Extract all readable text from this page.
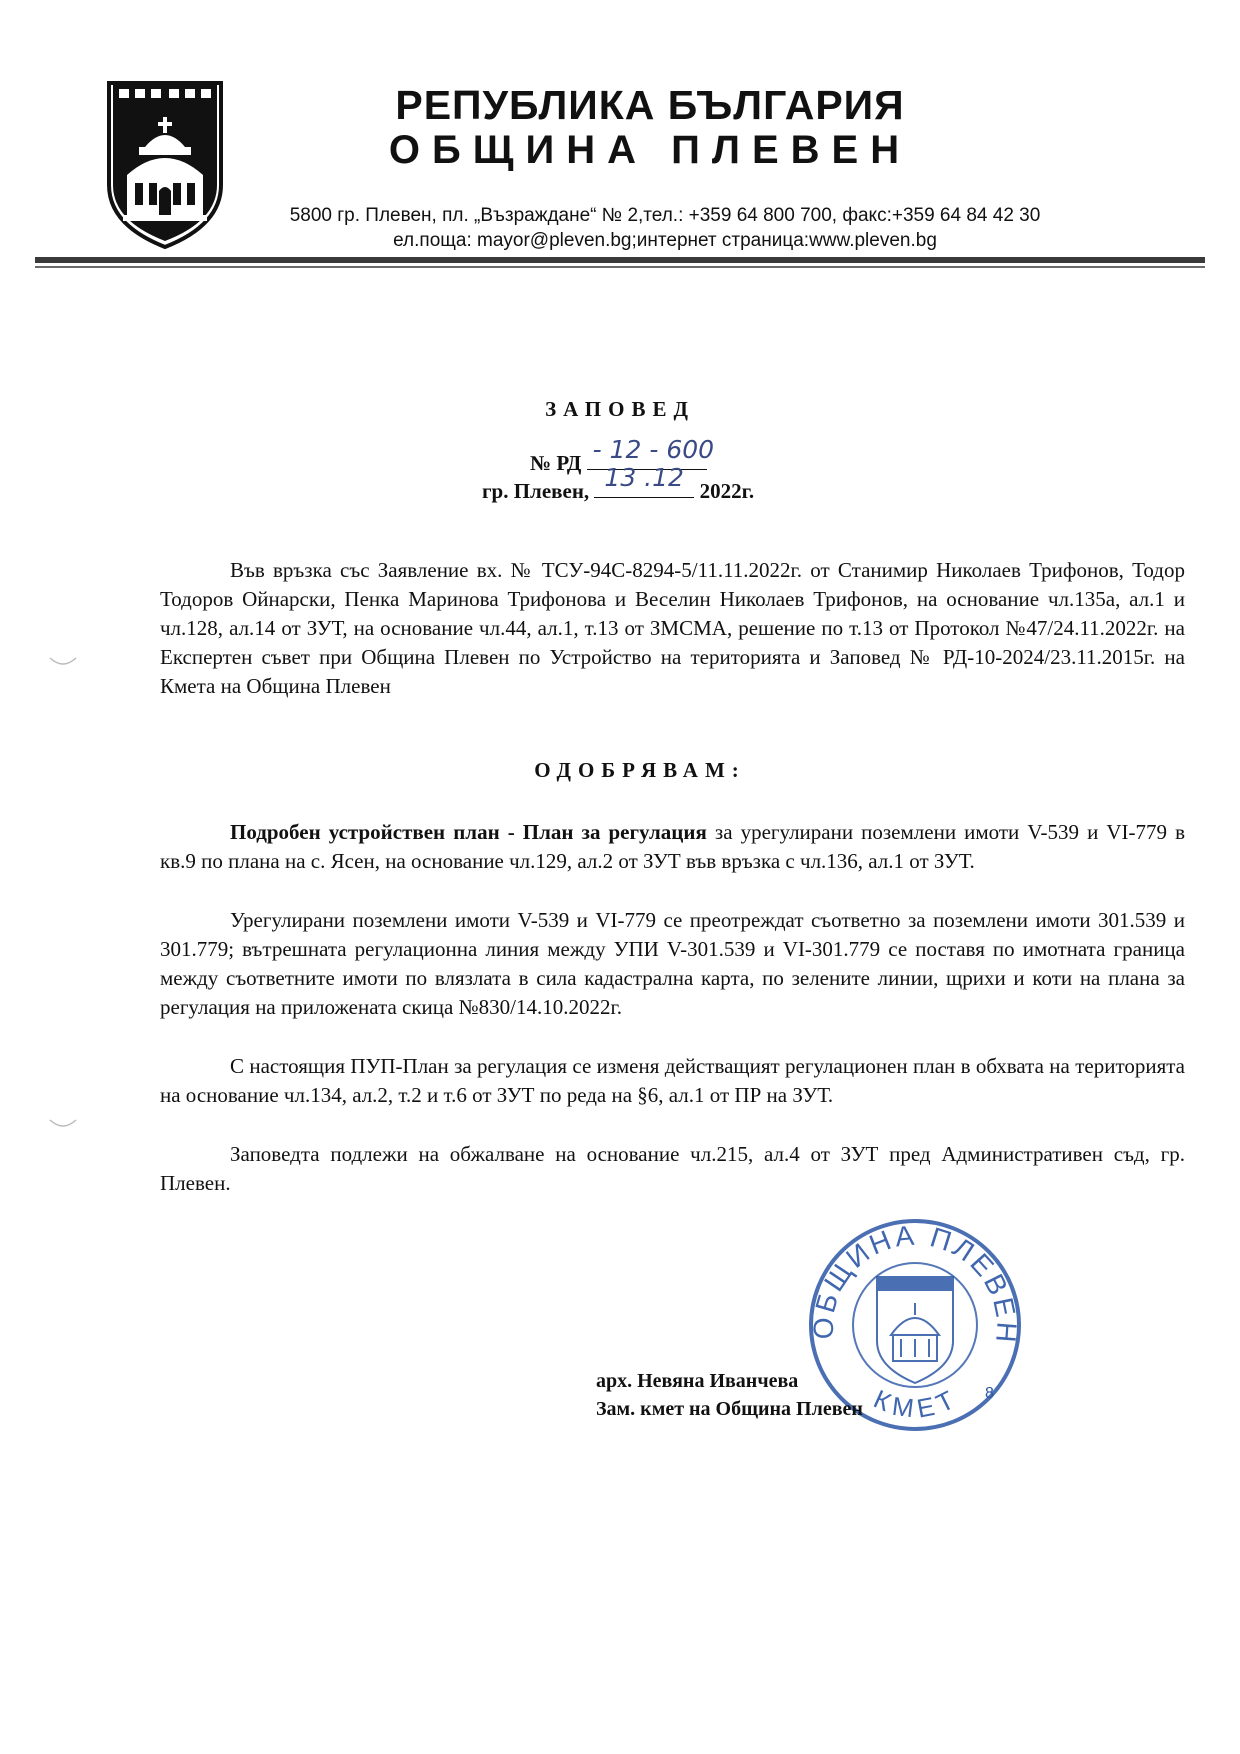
РЕПУБЛИКА БЪЛГАРИЯ
ОБЩИНА ПЛЕВЕН
5800 гр. Плевен, пл. „Възраждане“ № 2,тел.: +359 64 800 700, факс:+359 64 84 42 30
ел.поща: mayor@pleven.bg;интернет страница:www.pleven.bg
ЗАПОВЕД
№ РД - 12 - 600
гр. Плевен, 13 .12 2022г.
Във връзка със Заявление вх. № ТСУ-94С-8294-5/11.11.2022г. от Станимир Николаев Трифонов, Тодор Тодоров Ойнарски, Пенка Маринова Трифонова и Веселин Николаев Трифонов, на основание чл.135а, ал.1 и чл.128, ал.14 от ЗУТ, на основание чл.44, ал.1, т.13 от ЗМСМА, решение по т.13 от Протокол №47/24.11.2022г. на Експертен съвет при Община Плевен по Устройство на територията и Заповед № РД-10-2024/23.11.2015г. на Кмета на Община Плевен
ОДОБРЯВАМ:
Подробен устройствен план - План за регулация за урегулирани поземлени имоти V-539 и VI-779 в кв.9 по плана на с. Ясен, на основание чл.129, ал.2 от ЗУТ във връзка с чл.136, ал.1 от ЗУТ.
Урегулирани поземлени имоти V-539 и VI-779 се преотреждат съответно за поземлени имоти 301.539 и 301.779; вътрешната регулационна линия между УПИ V-301.539 и VI-301.779 се поставя по имотната граница между съответните имоти по влязлата в сила кадастрална карта, по зелените линии, щрихи и коти на плана за регулация на приложената скица №830/14.10.2022г.
С настоящия ПУП-План за регулация се изменя действащият регулационен план в обхвата на територията на основание чл.134, ал.2, т.2 и т.6 от ЗУТ по реда на §6, ал.1 от ПР на ЗУТ.
Заповедта подлежи на обжалване на основание чл.215, ал.4 от ЗУТ пред Административен съд, гр. Плевен.
ОБЩИНА ПЛЕВЕН
КМЕТ 8
арх. Невяна Иванчева
Зам. кмет на Община Плевен
